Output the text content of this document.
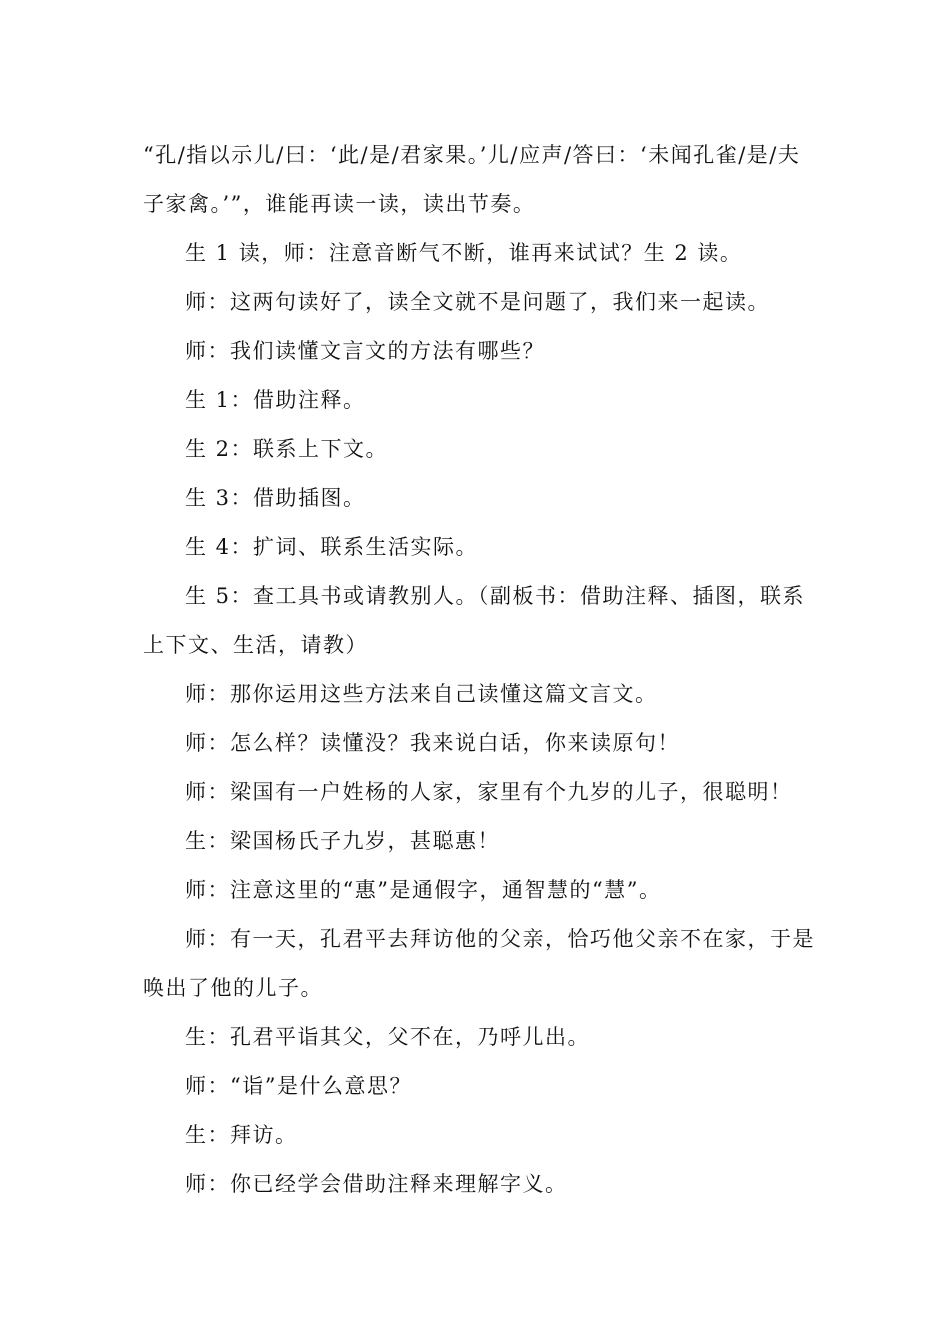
“孔/指以示儿/曰：‘此/是/君家果。’儿/应声/答曰：‘未闻孔雀/是/夫子家禽。’”，谁能再读一读，读出节奏。

生 1 读，师：注意音断气不断，谁再来试试？生 2 读。

师：这两句读好了，读全文就不是问题了，我们来一起读。

师：我们读懂文言文的方法有哪些？

生 1：借助注释。

生 2：联系上下文。

生 3：借助插图。

生 4：扩词、联系生活实际。

生 5：查工具书或请教别人。（副板书：借助注释、插图，联系上下文、生活，请教）

师：那你运用这些方法来自己读懂这篇文言文。

师：怎么样？读懂没？我来说白话，你来读原句！

师：梁国有一户姓杨的人家，家里有个九岁的儿子，很聪明！

生：梁国杨氏子九岁，甚聪惠！

师：注意这里的“惠”是通假字，通智慧的“慧”。

师：有一天，孔君平去拜访他的父亲，恰巧他父亲不在家，于是唤出了他的儿子。

生：孔君平诣其父，父不在，乃呼儿出。

师：“诣”是什么意思？

生：拜访。

师：你已经学会借助注释来理解字义。
